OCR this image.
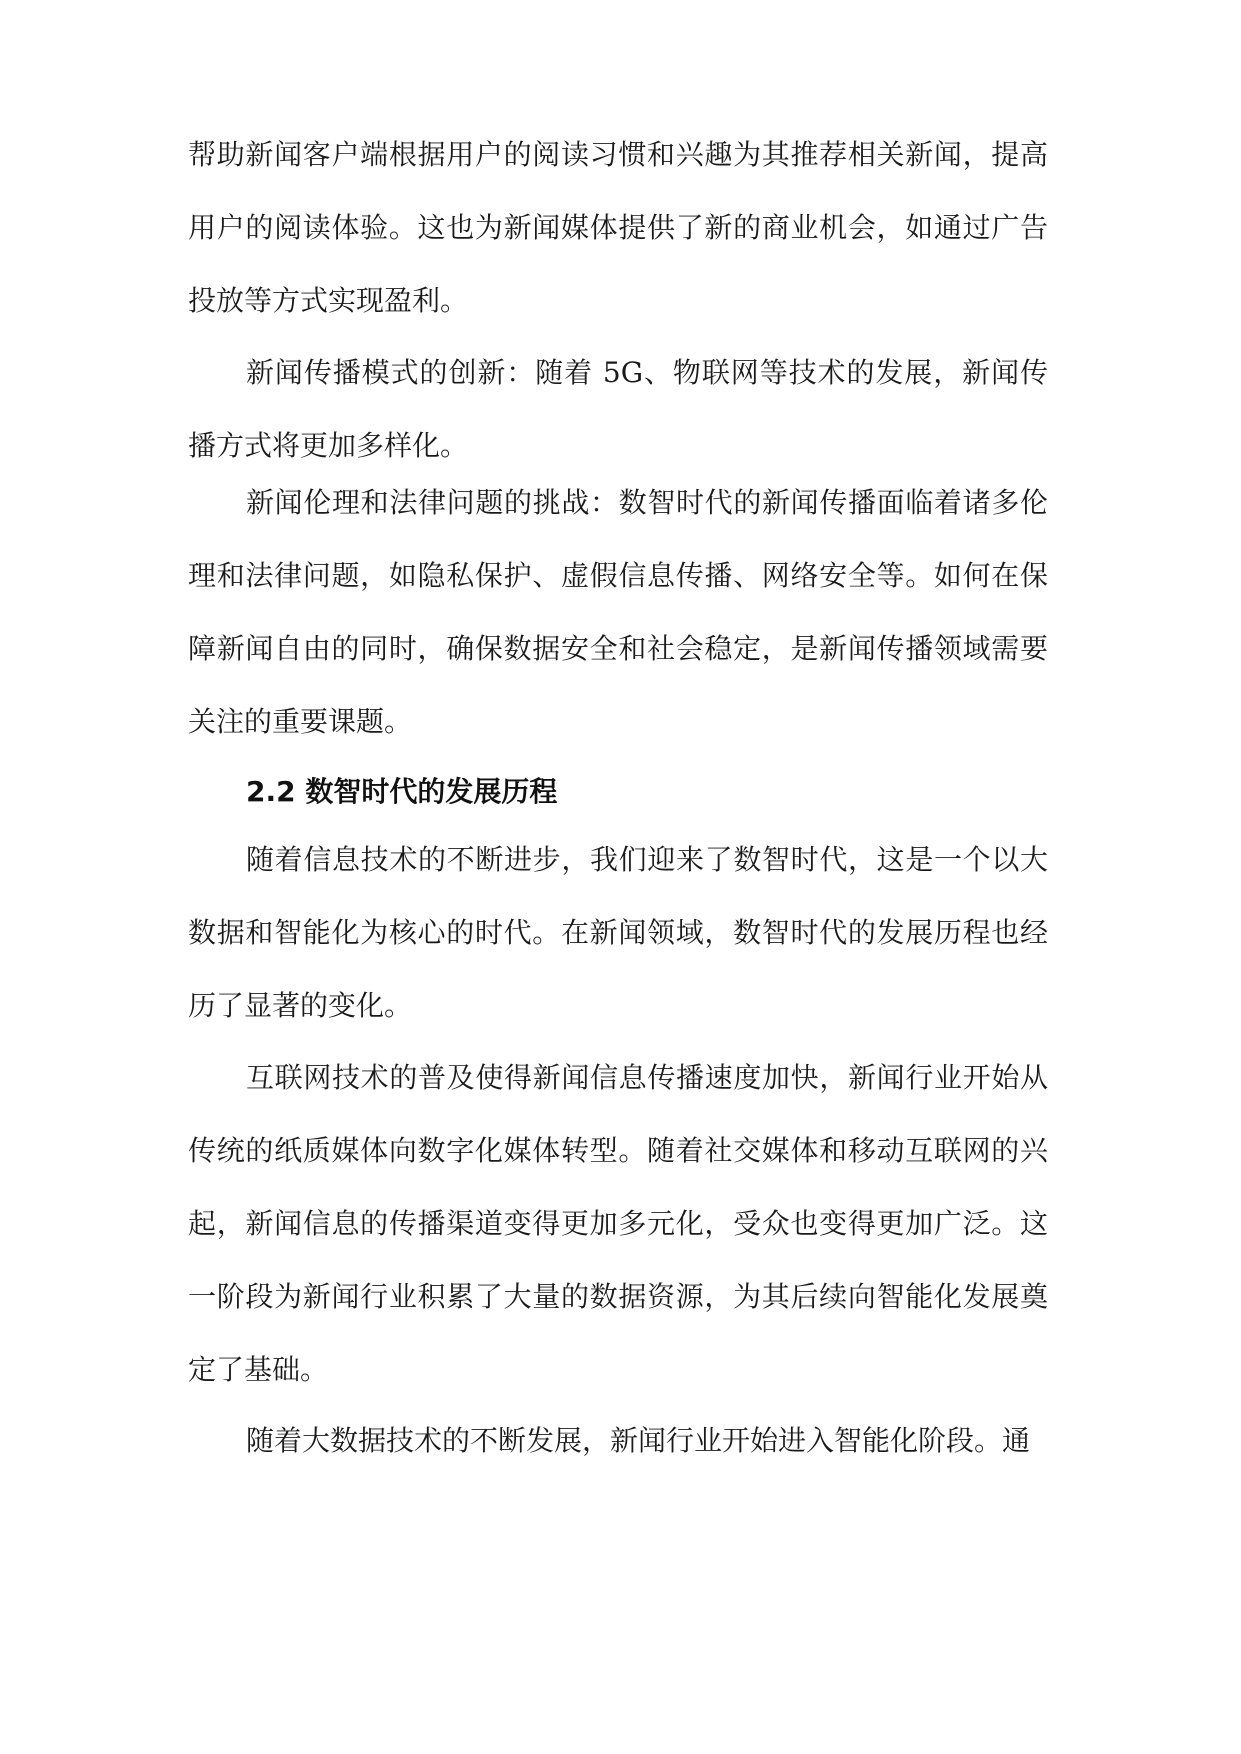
帮助新闻客户端根据用户的阅读习惯和兴趣为其推荐相关新闻，提高用户的阅读体验。这也为新闻媒体提供了新的商业机会，如通过广告投放等方式实现盈利。

新闻传播模式的创新：随着 5G、物联网等技术的发展，新闻传播方式将更加多样化。

新闻伦理和法律问题的挑战：数智时代的新闻传播面临着诸多伦理和法律问题，如隐私保护、虚假信息传播、网络安全等。如何在保障新闻自由的同时，确保数据安全和社会稳定，是新闻传播领域需要关注的重要课题。

2.2 数智时代的发展历程

随着信息技术的不断进步，我们迎来了数智时代，这是一个以大数据和智能化为核心的时代。在新闻领域，数智时代的发展历程也经历了显著的变化。

互联网技术的普及使得新闻信息传播速度加快，新闻行业开始从传统的纸质媒体向数字化媒体转型。随着社交媒体和移动互联网的兴起，新闻信息的传播渠道变得更加多元化，受众也变得更加广泛。这一阶段为新闻行业积累了大量的数据资源，为其后续向智能化发展奠定了基础。

随着大数据技术的不断发展，新闻行业开始进入智能化阶段。通
